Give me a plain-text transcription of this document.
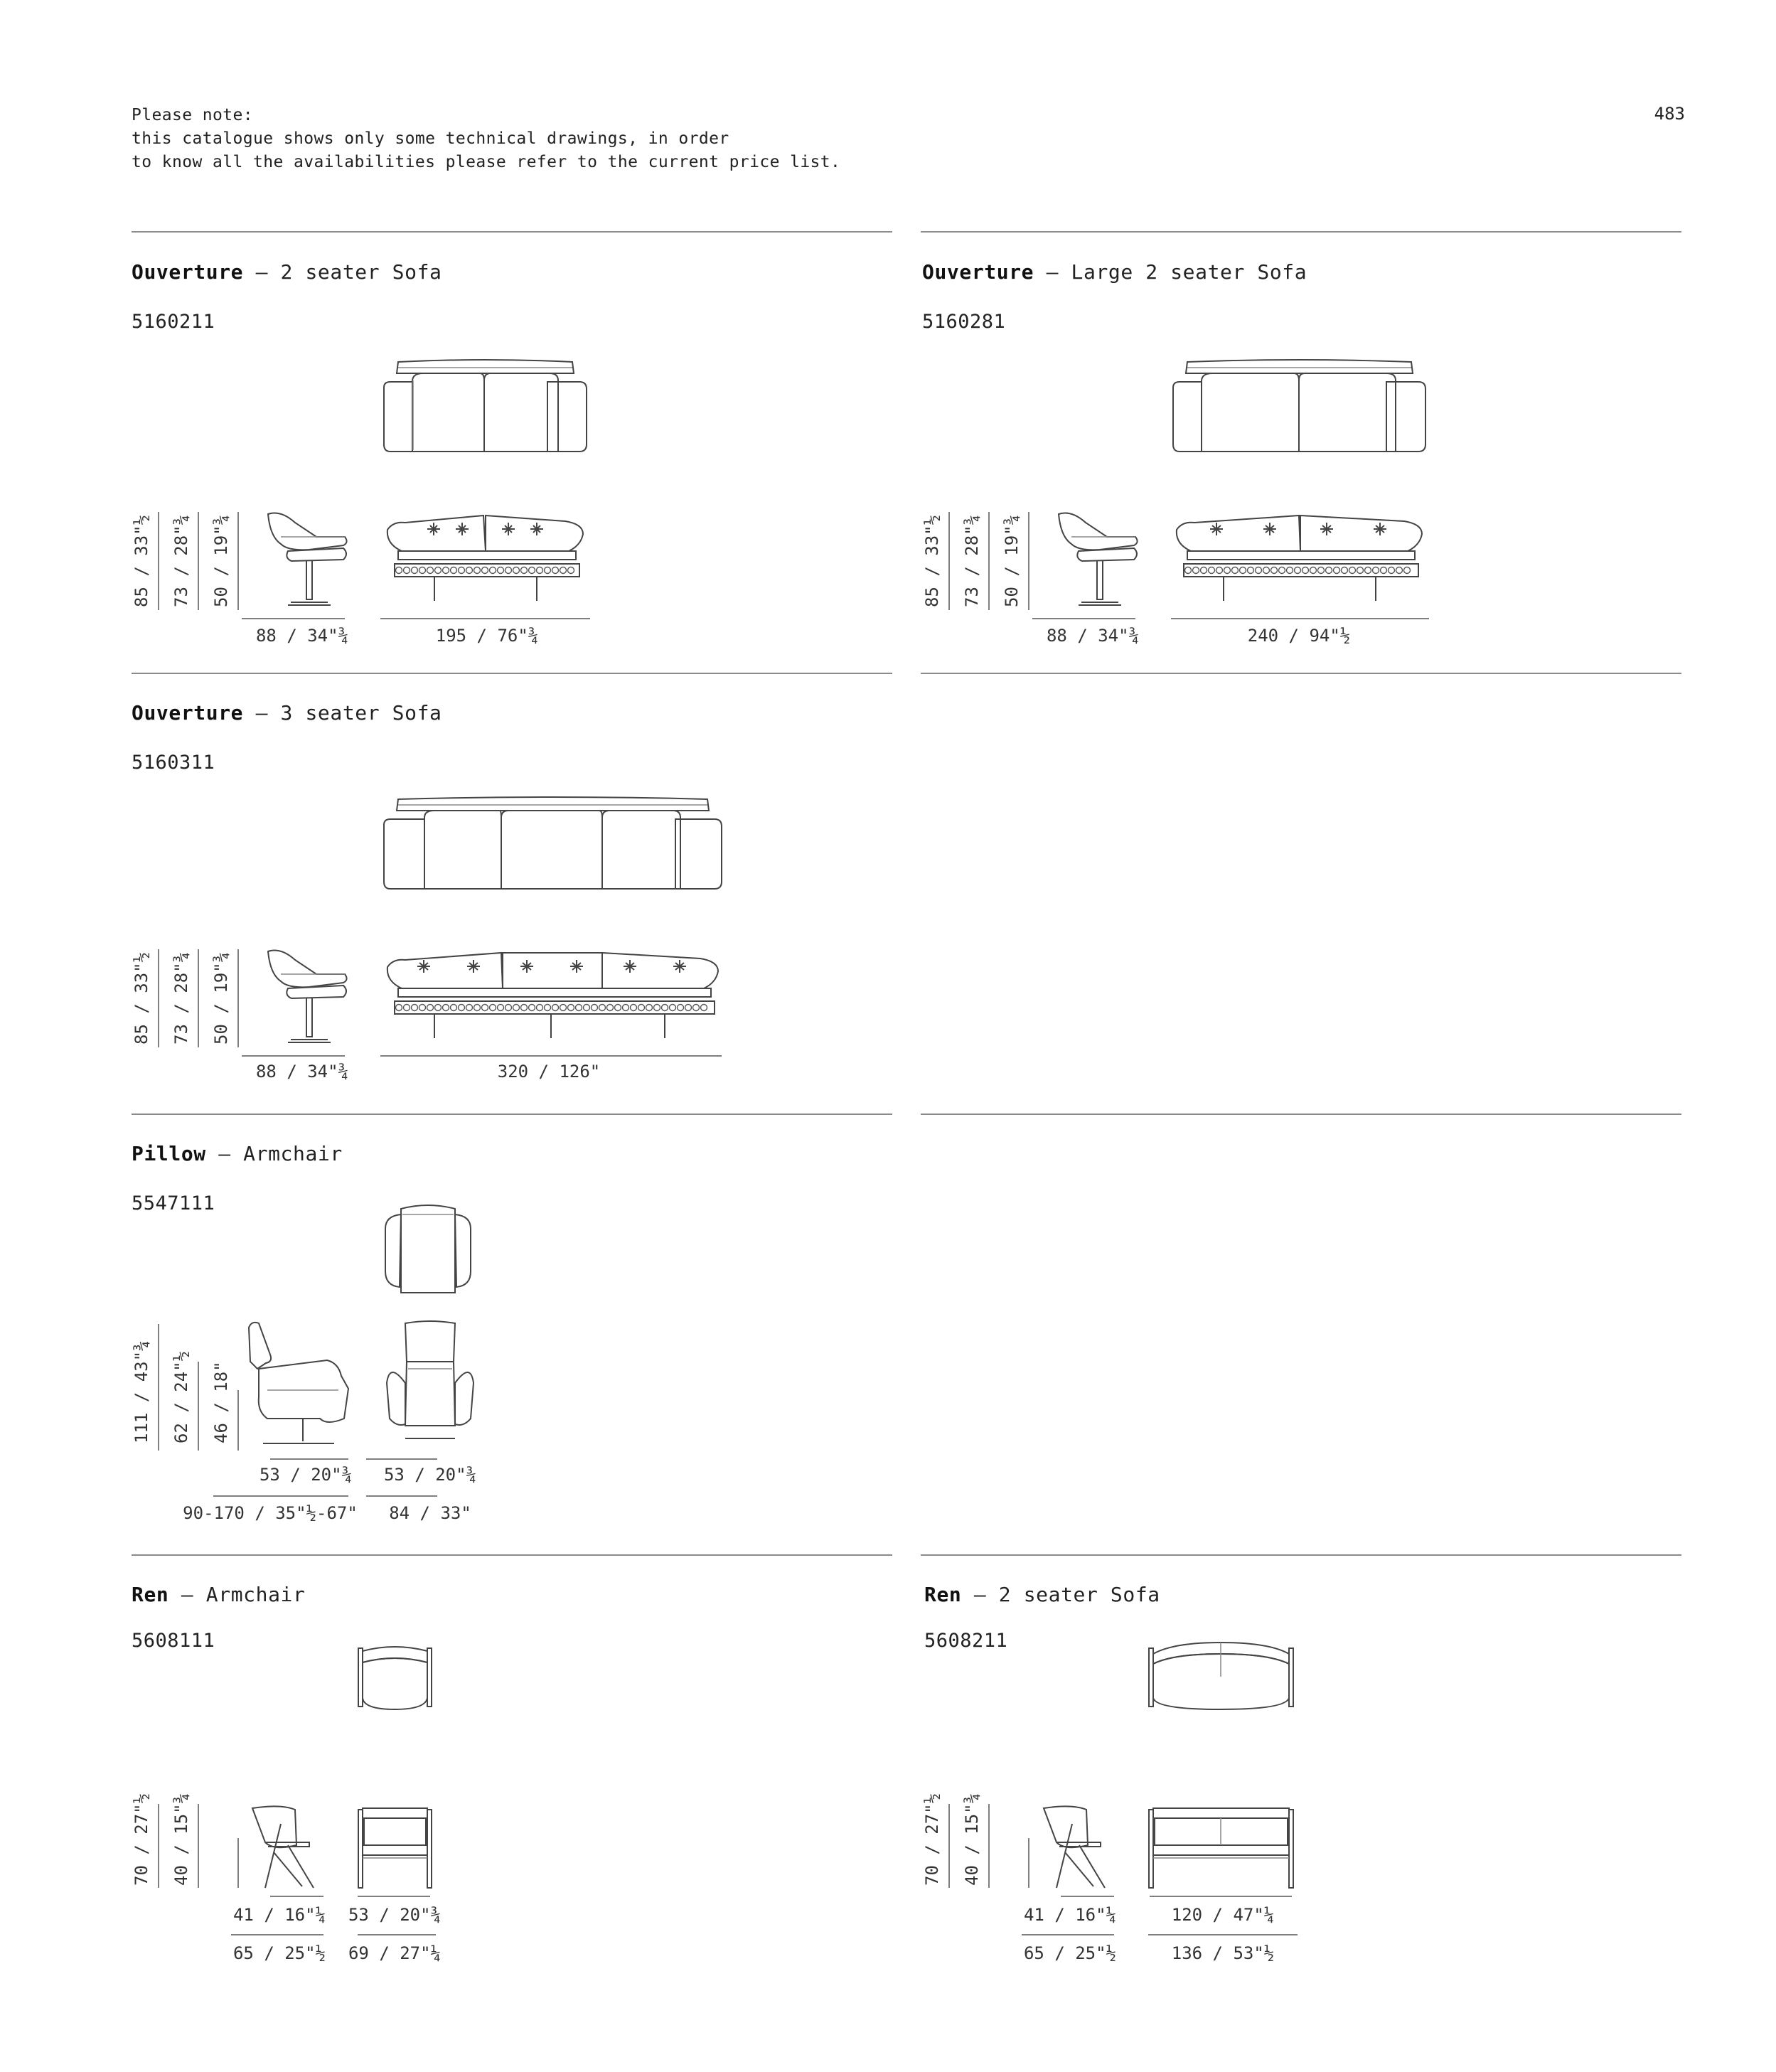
Please note:
this catalogue shows only some technical drawings, in order
to know all the availabilities please refer to the current price list.
483
Ouverture — 2 seater Sofa
5160211
85 / 33"½ 73 / 28"¾ 50 / 19"¾
88 / 34"¾	195 / 76"¾
Ouverture — Large 2 seater Sofa
5160281
85 / 33"½ 73 / 28"¾ 50 / 19"¾
88 / 34"¾	240 / 94"½
Ouverture — 3 seater Sofa
5160311
85 / 33"½ 73 / 28"¾ 50 / 19"¾
88 / 34"¾	320 / 126"
Pillow — Armchair
5547111
111 / 43"¾ 62 / 24"½ 46 / 18"
53 / 20"¾	53 / 20"¾
90-170 / 35"½-67"	84 / 33"
Ren — Armchair
5608111
70 / 27"½ 40 / 15"¾
41 / 16"¼	53 / 20"¾
65 / 25"½	69 / 27"¼
Ren — 2 seater Sofa
5608211
70 / 27"½ 40 / 15"¾
41 / 16"¼	120 / 47"¼
65 / 25"½	136 / 53"½
